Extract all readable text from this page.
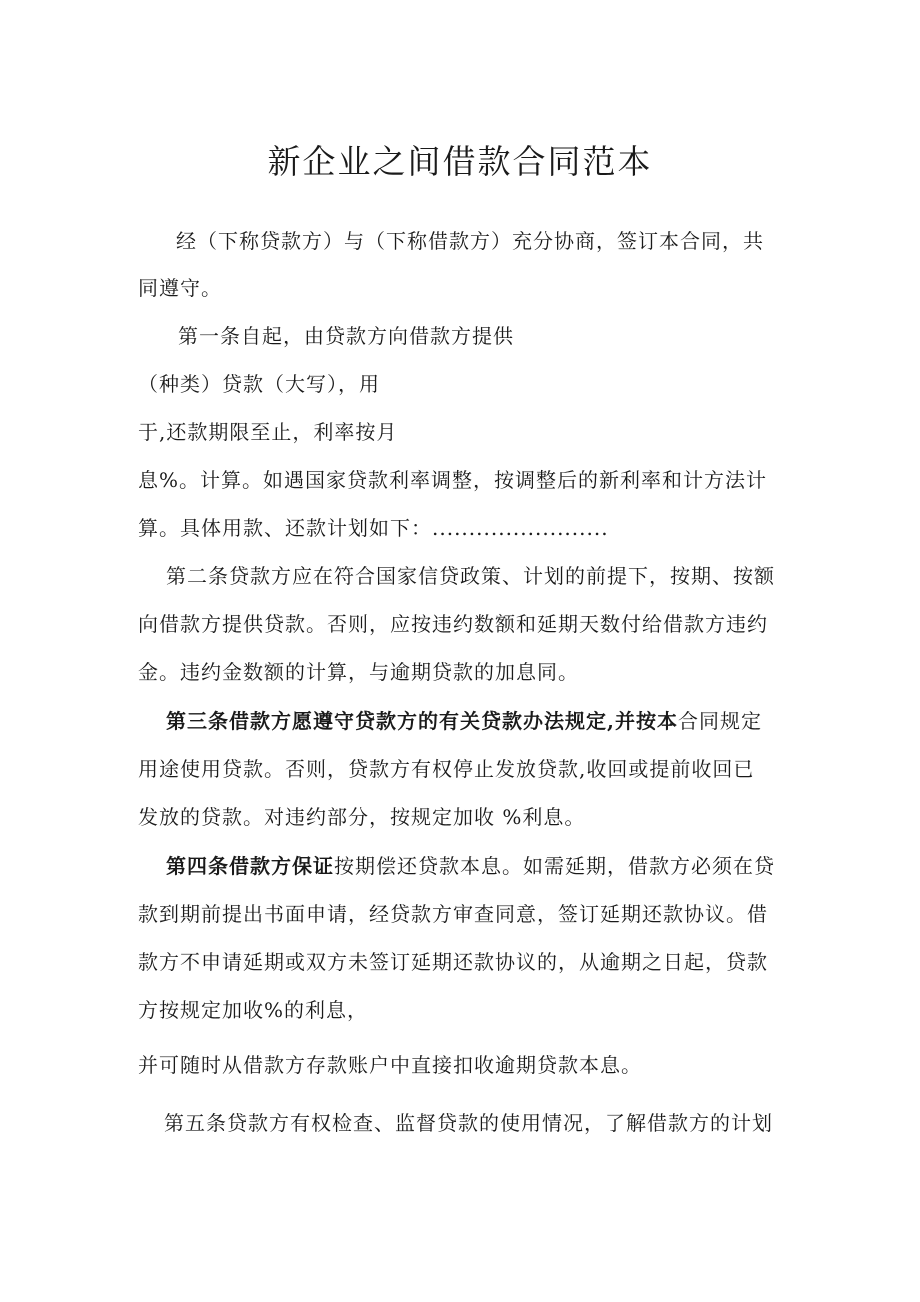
新企业之间借款合同范本

经（下称贷款方）与（下称借款方）充分协商，签订本合同，共

同遵守。

第一条自起，由贷款方向借款方提供

（种类）贷款（大写），用

于,还款期限至止，利率按月

息%。计算。如遇国家贷款利率调整，按调整后的新利率和计方法计

算。具体用款、还款计划如下：........................

第二条贷款方应在符合国家信贷政策、计划的前提下，按期、按额

向借款方提供贷款。否则，应按违约数额和延期天数付给借款方违约

金。违约金数额的计算，与逾期贷款的加息同。

第三条借款方愿遵守贷款方的有关贷款办法规定,并按本合同规定

用途使用贷款。否则，贷款方有权停止发放贷款,收回或提前收回已

发放的贷款。对违约部分，按规定加收 %利息。

第四条借款方保证按期偿还贷款本息。如需延期，借款方必须在贷

款到期前提出书面申请，经贷款方审查同意，签订延期还款协议。借

款方不申请延期或双方未签订延期还款协议的，从逾期之日起，贷款

方按规定加收%的利息，

并可随时从借款方存款账户中直接扣收逾期贷款本息。

第五条贷款方有权检查、监督贷款的使用情况，了解借款方的计划
